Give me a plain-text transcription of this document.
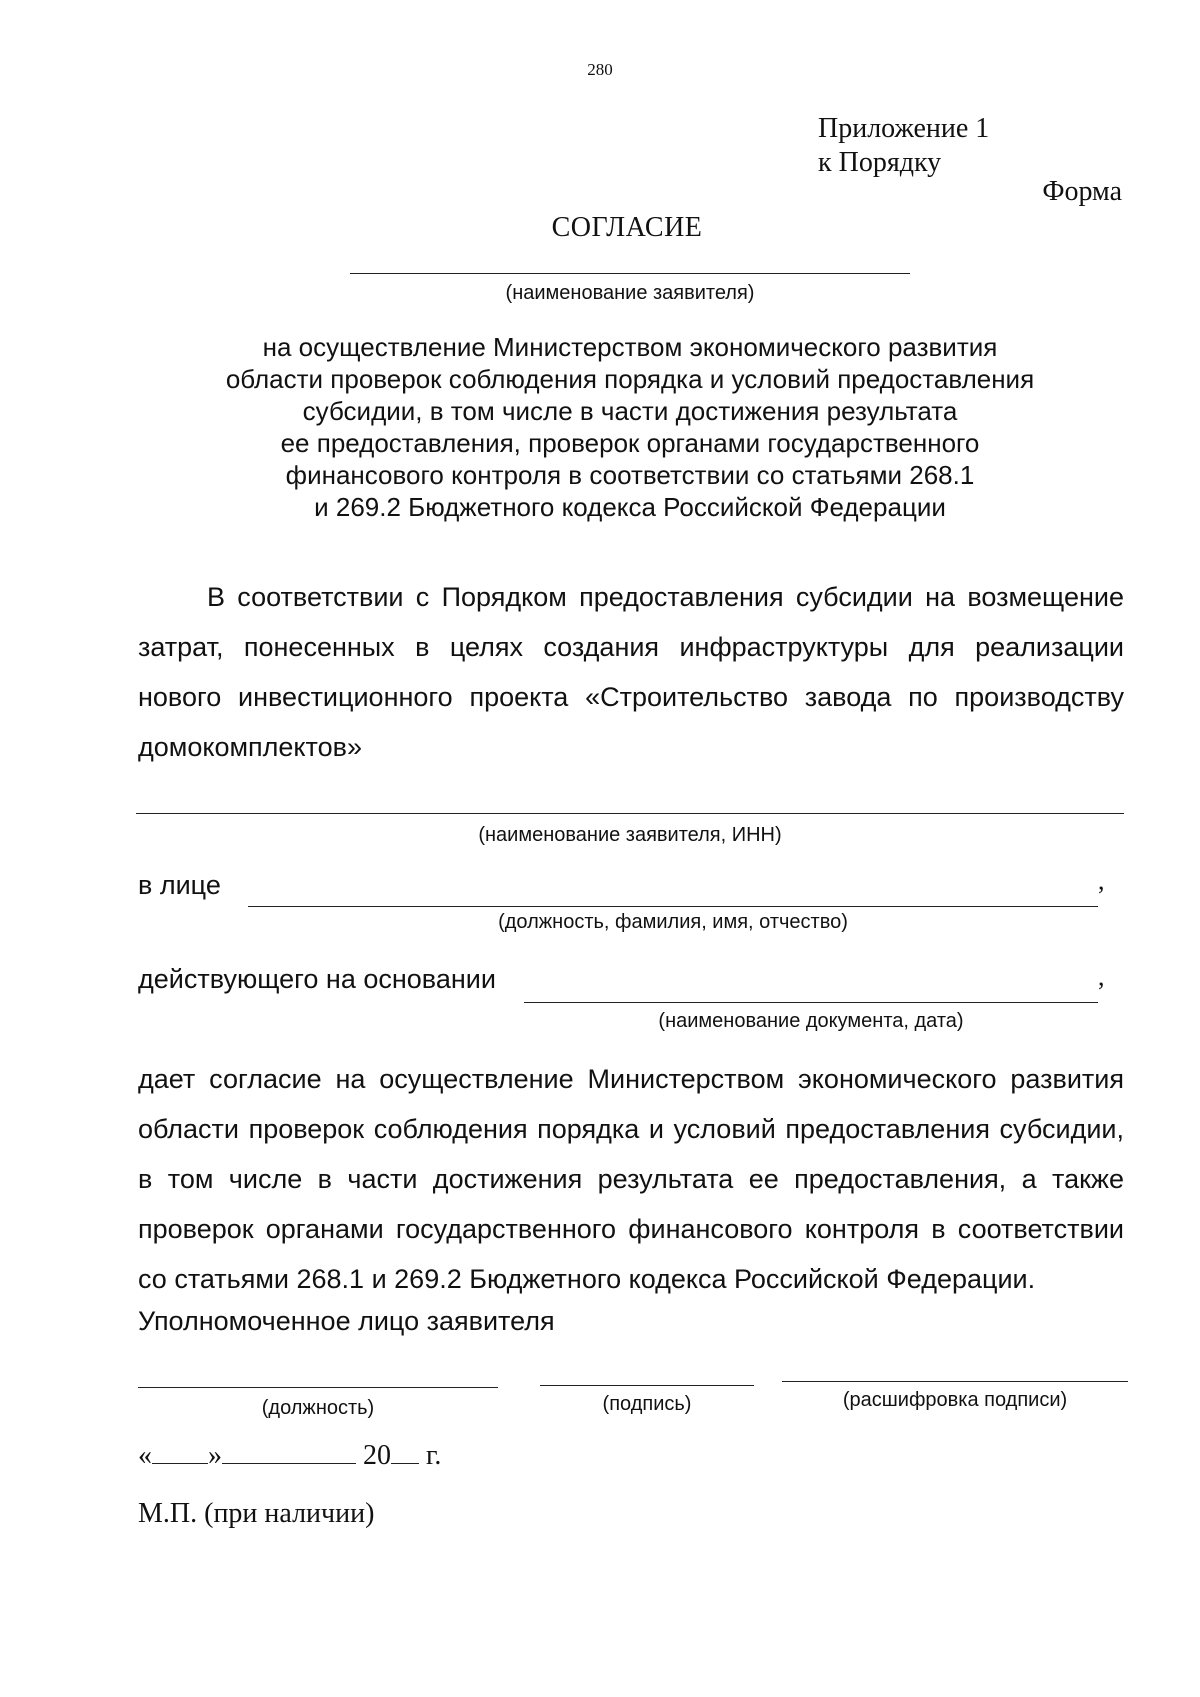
280
Приложение 1
к Порядку
Форма
СОГЛАСИЕ
(наименование заявителя)
на осуществление Министерством экономического развития
области проверок соблюдения порядка и условий предоставления
субсидии, в том числе в части достижения результата
ее предоставления, проверок органами государственного
финансового контроля в соответствии со статьями 268.1
и 269.2 Бюджетного кодекса Российской Федерации
В соответствии с Порядком предоставления субсидии на возмещение затрат, понесенных в целях создания инфраструктуры для реализации нового инвестиционного проекта «Строительство завода по производству домокомплектов»
(наименование заявителя, ИНН)
в лице	,
(должность, фамилия, имя, отчество)
действующего на основании	,
(наименование документа, дата)
дает согласие на осуществление Министерством экономического развития области проверок соблюдения порядка и условий предоставления субсидии, в том числе в части достижения результата ее предоставления, а также проверок органами государственного финансового контроля в соответствии со статьями 268.1 и 269.2 Бюджетного кодекса Российской Федерации.
Уполномоченное лицо заявителя
(должность)	(подпись)	(расшифровка подписи)
« »	20 г.
М.П. (при наличии)
